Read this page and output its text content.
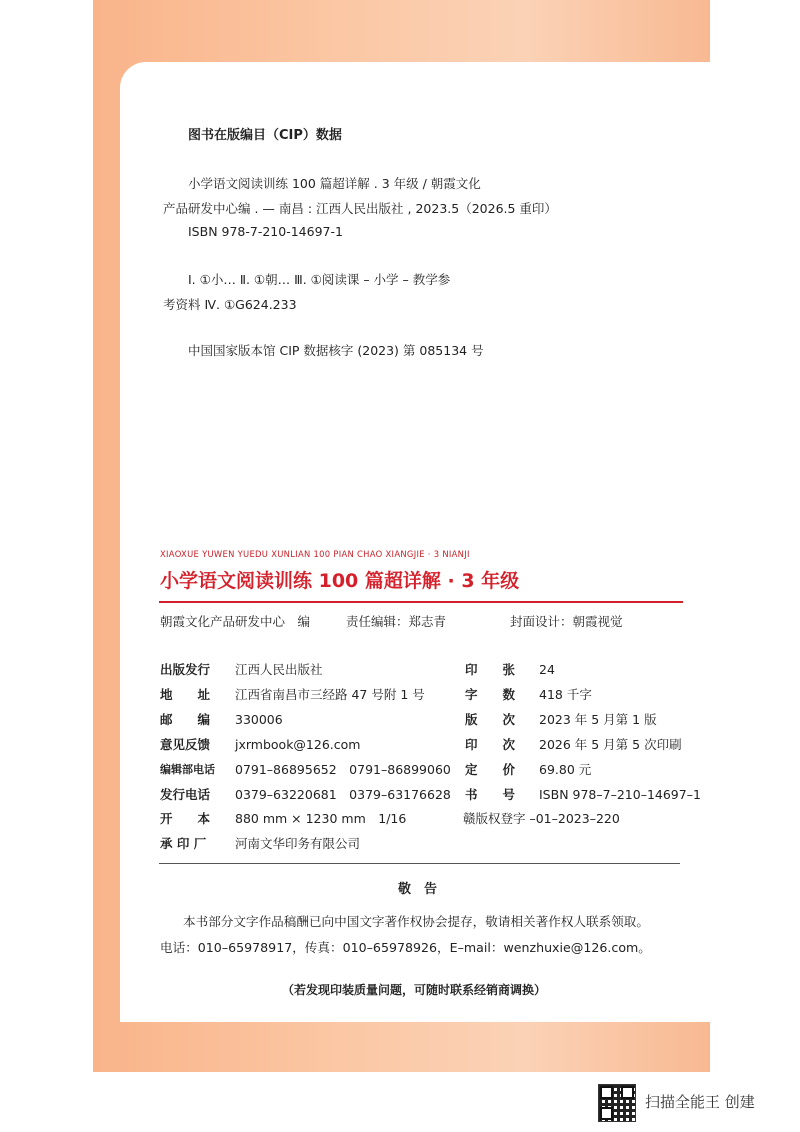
图书在版编目（CIP）数据
小学语文阅读训练 100 篇超详解 . 3 年级 / 朝霞文化
产品研发中心编 . — 南昌 : 江西人民出版社 , 2023.5（2026.5 重印）
ISBN 978-7-210-14697-1
Ⅰ. ①小… Ⅱ. ①朝… Ⅲ. ①阅读课 – 小学 – 教学参
考资料 Ⅳ. ①G624.233
中国国家版本馆 CIP 数据核字 (2023) 第 085134 号
XIAOXUE YUWEN YUEDU XUNLIAN 100 PIAN CHAO XIANGJIE · 3 NIANJI
小学语文阅读训练 100 篇超详解 · 3 年级
朝霞文化产品研发中心　编	责任编辑：郑志青	封面设计：朝霞视觉
出版发行 江西人民出版社
地　　址 江西省南昌市三经路 47 号附 1 号
邮　　编 330006
意见反馈 jxrmbook@126.com
编辑部电话 0791–86895652　0791–86899060
发行电话 0379–63220681　0379–63176628
开　　本 880 mm × 1230 mm　1/16
承 印 厂 河南文华印务有限公司
印　　张 24
字　　数 418 千字
版　　次 2023 年 5 月第 1 版
印　　次 2026 年 5 月第 5 次印刷
定　　价 69.80 元
书　　号 ISBN 978–7–210–14697–1
赣版权登字 –01–2023–220
敬　告
本书部分文字作品稿酬已向中国文字著作权协会提存，敬请相关著作权人联系领取。
电话：010–65978917，传真：010–65978926，E–mail：wenzhuxie@126.com。
（若发现印装质量问题，可随时联系经销商调换）
扫描全能王 创建
